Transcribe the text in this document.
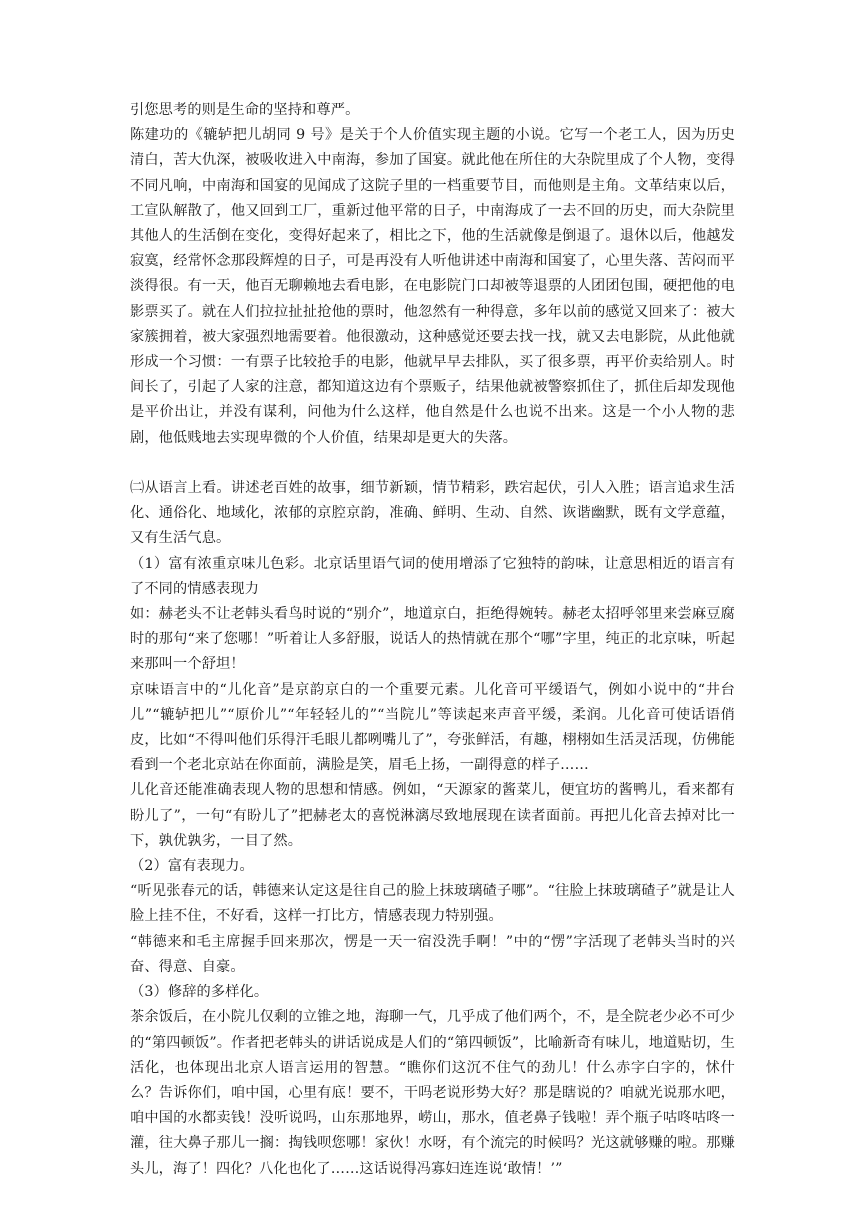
引您思考的则是生命的坚持和尊严。

陈建功的《辘轳把儿胡同 9 号》是关于个人价值实现主题的小说。它写一个老工人，因为历史清白，苦大仇深，被吸收进入中南海，参加了国宴。就此他在所住的大杂院里成了个人物，变得不同凡响，中南海和国宴的见闻成了这院子里的一档重要节目，而他则是主角。文革结束以后，工宣队解散了，他又回到工厂，重新过他平常的日子，中南海成了一去不回的历史，而大杂院里其他人的生活倒在变化，变得好起来了，相比之下，他的生活就像是倒退了。退休以后，他越发寂寞，经常怀念那段辉煌的日子，可是再没有人听他讲述中南海和国宴了，心里失落、苦闷而平淡得很。有一天，他百无聊赖地去看电影，在电影院门口却被等退票的人团团包围，硬把他的电影票买了。就在人们拉拉扯扯抢他的票时，他忽然有一种得意，多年以前的感觉又回来了：被大家簇拥着，被大家强烈地需要着。他很激动，这种感觉还要去找一找，就又去电影院，从此他就形成一个习惯：一有票子比较抢手的电影，他就早早去排队，买了很多票，再平价卖给别人。时间长了，引起了人家的注意，都知道这边有个票贩子，结果他就被警察抓住了，抓住后却发现他是平价出让，并没有谋利，问他为什么这样，他自然是什么也说不出来。这是一个小人物的悲剧，他低贱地去实现卑微的个人价值，结果却是更大的失落。

㈡从语言上看。讲述老百姓的故事，细节新颖，情节精彩，跌宕起伏，引人入胜；语言追求生活化、通俗化、地域化，浓郁的京腔京韵，准确、鲜明、生动、自然、诙谐幽默，既有文学意蕴，又有生活气息。

（1）富有浓重京味儿色彩。北京话里语气词的使用增添了它独特的韵味，让意思相近的语言有了不同的情感表现力

如：赫老头不让老韩头看鸟时说的“别介”，地道京白，拒绝得婉转。赫老太招呼邻里来尝麻豆腐时的那句“来了您哪！”听着让人多舒服，说话人的热情就在那个“哪”字里，纯正的北京味，听起来那叫一个舒坦！

京味语言中的“儿化音”是京韵京白的一个重要元素。儿化音可平缓语气，例如小说中的“井台儿”“辘轳把儿”“原价儿”“年轻轻儿的”“当院儿”等读起来声音平缓，柔润。儿化音可使话语俏皮，比如“不得叫他们乐得汗毛眼儿都咧嘴儿了”，夸张鲜活，有趣，栩栩如生活灵活现，仿佛能看到一个老北京站在你面前，满脸是笑，眉毛上扬，一副得意的样子……

儿化音还能准确表现人物的思想和情感。例如，“天源家的酱菜儿，便宜坊的酱鸭儿，看来都有盼儿了”，一句“有盼儿了”把赫老太的喜悦淋漓尽致地展现在读者面前。再把儿化音去掉对比一下，孰优孰劣，一目了然。

（2）富有表现力。

“听见张春元的话，韩德来认定这是往自己的脸上抹玻璃碴子哪”。“往脸上抹玻璃碴子”就是让人脸上挂不住，不好看，这样一打比方，情感表现力特别强。

“韩德来和毛主席握手回来那次，愣是一天一宿没洗手啊！”中的“愣”字活现了老韩头当时的兴奋、得意、自豪。

（3）修辞的多样化。

茶余饭后，在小院儿仅剩的立锥之地，海聊一气，几乎成了他们两个，不，是全院老少必不可少的“第四顿饭”。作者把老韩头的讲话说成是人们的“第四顿饭”，比喻新奇有味儿，地道贴切，生活化，也体现出北京人语言运用的智慧。“瞧你们这沉不住气的劲儿！什么赤字白字的，怵什么？告诉你们，咱中国，心里有底！要不，干吗老说形势大好？那是瞎说的？咱就光说那水吧，咱中国的水都卖钱！没听说吗，山东那地界，崂山，那水，值老鼻子钱啦！弄个瓶子咕咚咕咚一灌，往大鼻子那儿一搁：掏钱呗您哪！家伙！水呀，有个流完的时候吗？光这就够赚的啦。那赚头儿，海了！四化？八化也化了……这话说得冯寡妇连连说‘敢情！’”
